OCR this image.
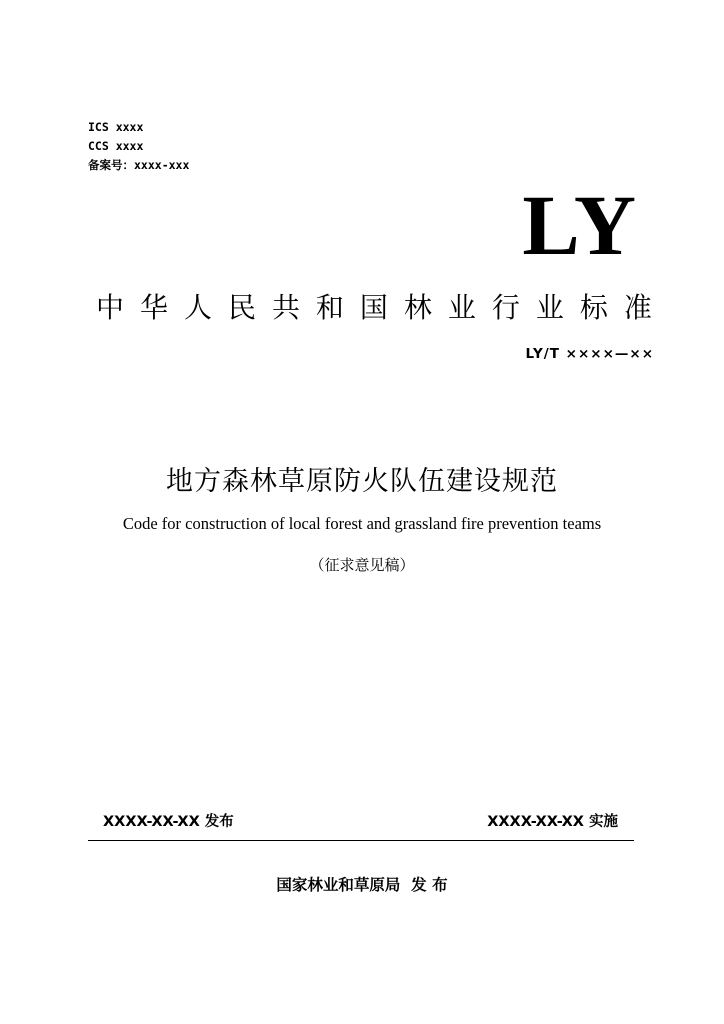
ICS xxxx
CCS xxxx
备案号：xxxx-xxx
LY
中 华 人 民 共 和 国 林 业 行 业 标 准
LY/T ××××—××
地方森林草原防火队伍建设规范
Code for construction of local forest and grassland fire prevention teams
（征求意见稿）
XXXX-XX-XX 发布	XXXX-XX-XX 实施
国家林业和草原局  发 布
